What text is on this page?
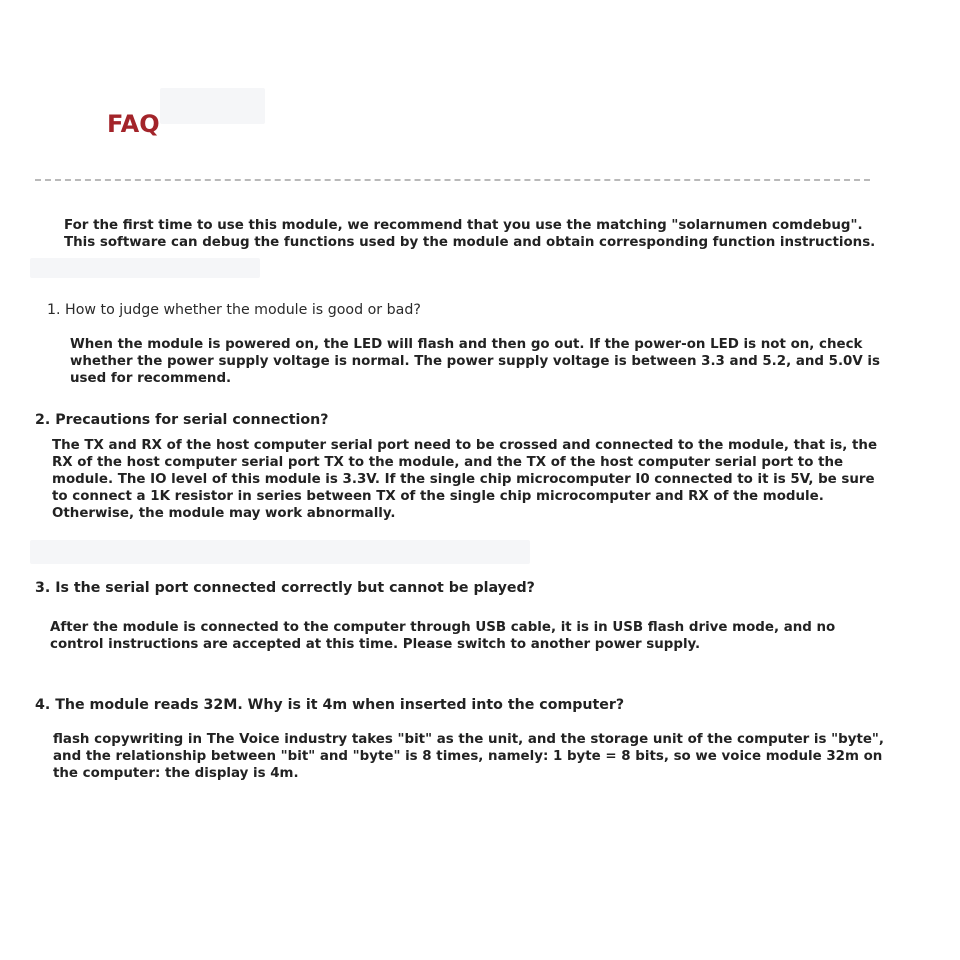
FAQ

For the first time to use this module, we recommend that you use the matching "solarnumen comdebug". This software can debug the functions used by the module and obtain corresponding function instructions.

1. How to judge whether the module is good or bad?

When the module is powered on, the LED will flash and then go out. If the power-on LED is not on, check whether the power supply voltage is normal. The power supply voltage is between 3.3 and 5.2, and 5.0V is used for recommend.

2. Precautions for serial connection?

The TX and RX of the host computer serial port need to be crossed and connected to the module, that is, the RX of the host computer serial port TX to the module, and the TX of the host computer serial port to the module. The IO level of this module is 3.3V. If the single chip microcomputer I0 connected to it is 5V, be sure to connect a 1K resistor in series between TX of the single chip microcomputer and RX of the module. Otherwise, the module may work abnormally.

3. Is the serial port connected correctly but cannot be played?

After the module is connected to the computer through USB cable, it is in USB flash drive mode, and no control instructions are accepted at this time. Please switch to another power supply.

4. The module reads 32M. Why is it 4m when inserted into the computer?

flash copywriting in The Voice industry takes "bit" as the unit, and the storage unit of the computer is "byte", and the relationship between "bit" and "byte" is 8 times, namely: 1 byte = 8 bits, so we voice module 32m on the computer: the display is 4m.
